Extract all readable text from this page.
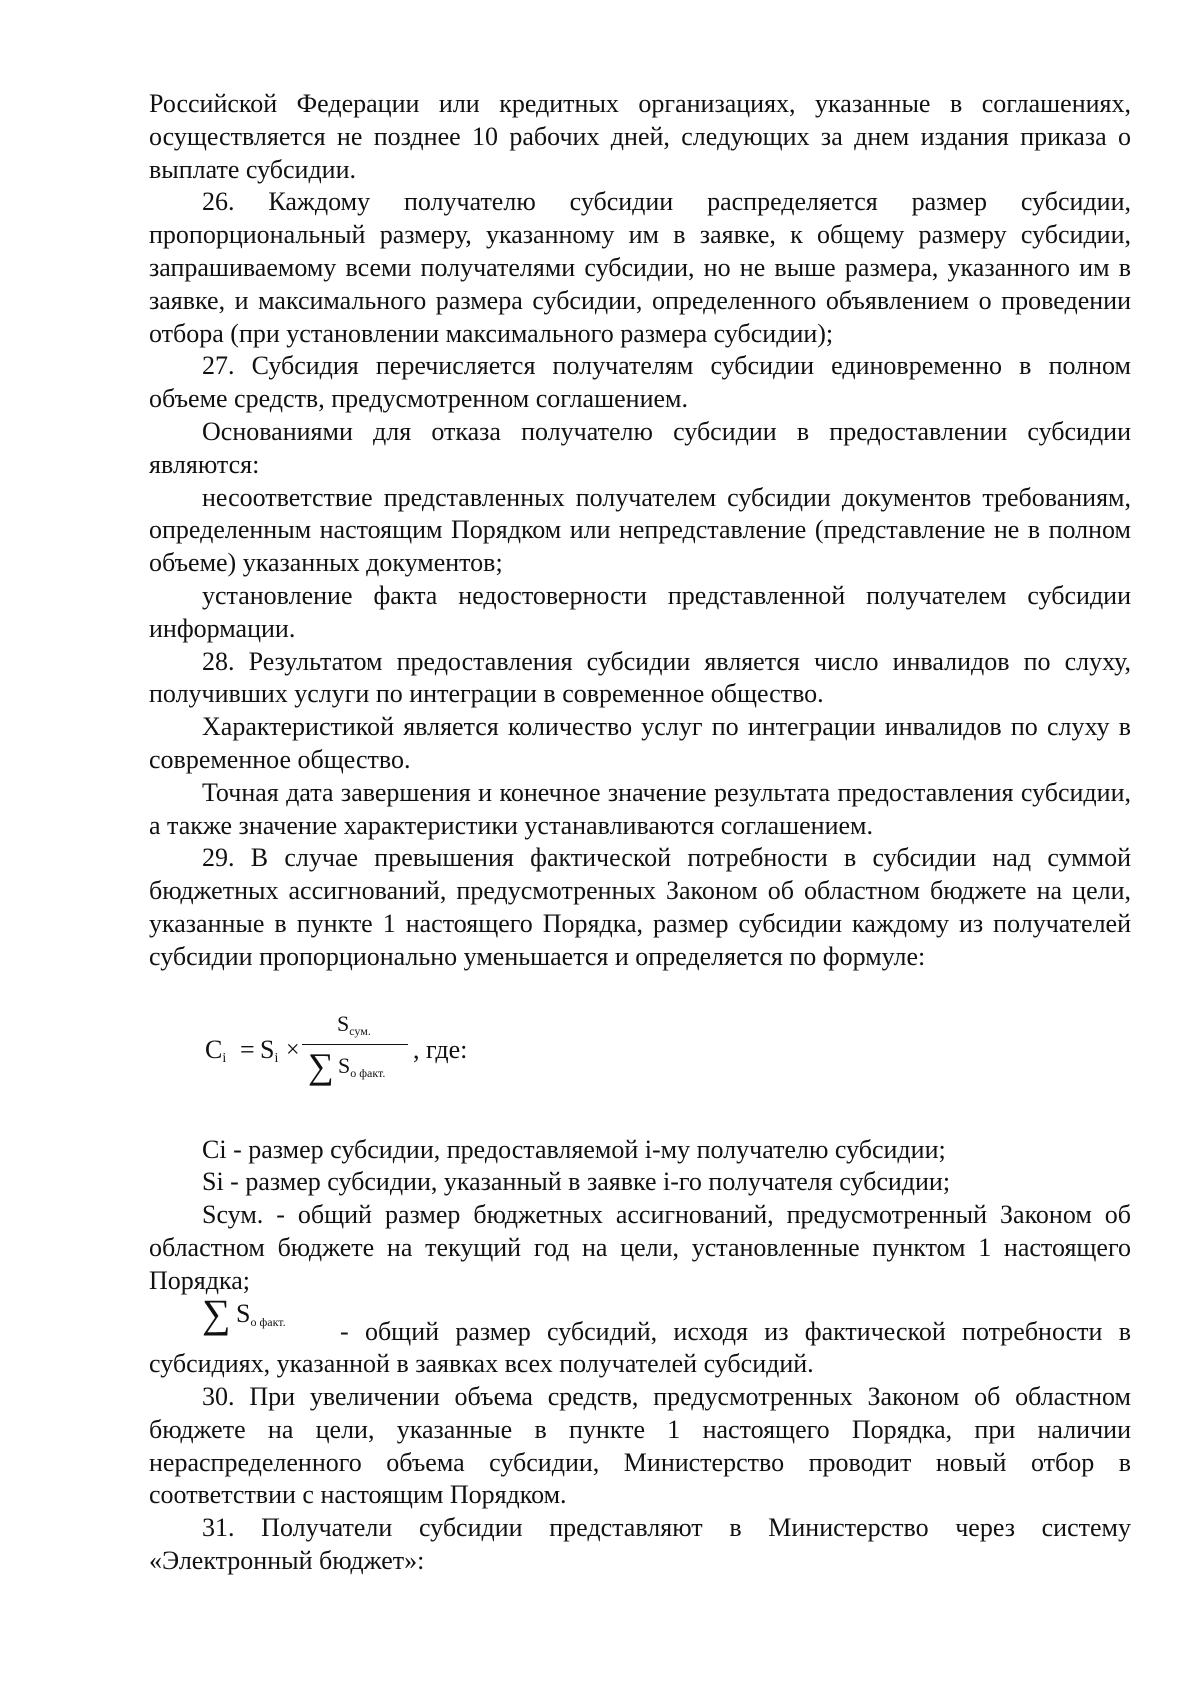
Российской Федерации или кредитных организациях, указанные в соглашениях, осуществляется не позднее 10 рабочих дней, следующих за днем издания приказа о выплате субсидии.

26. Каждому получателю субсидии распределяется размер субсидии, пропорциональный размеру, указанному им в заявке, к общему размеру субсидии, запрашиваемому всеми получателями субсидии, но не выше размера, указанного им в заявке, и максимального размера субсидии, определенного объявлением о проведении отбора (при установлении максимального размера субсидии);

27. Субсидия перечисляется получателям субсидии единовременно в полном объеме средств, предусмотренном соглашением.

Основаниями для отказа получателю субсидии в предоставлении субсидии являются:

несоответствие представленных получателем субсидии документов требованиям, определенным настоящим Порядком или непредставление (представление не в полном объеме) указанных документов;

установление факта недостоверности представленной получателем субсидии информации.

28. Результатом предоставления субсидии является число инвалидов по слуху, получивших услуги по интеграции в современное общество.

Характеристикой является количество услуг по интеграции инвалидов по слуху в современное общество.

Точная дата завершения и конечное значение результата предоставления субсидии, а также значение характеристики устанавливаются соглашением.

29. В случае превышения фактической потребности в субсидии над суммой бюджетных ассигнований, предусмотренных Законом об областном бюджете на цели, указанные в пункте 1 настоящего Порядка, размер субсидии каждому из получателей субсидии пропорционально уменьшается и определяется по формуле:

$C_i = S_i$ ×
$S_{сум.}$
∑ $S_{о факт.}$
, где:

Ci - размер субсидии, предоставляемой i-му получателю субсидии;

Si - размер субсидии, указанный в заявке i-го получателя субсидии;

Sсум. - общий размер бюджетных ассигнований, предусмотренный Законом об областном бюджете на текущий год на цели, установленные пунктом 1 настоящего Порядка;

∑ $S_{о факт.}$ - общий размер субсидий, исходя из фактической потребности в субсидиях, указанной в заявках всех получателей субсидий.

30. При увеличении объема средств, предусмотренных Законом об областном бюджете на цели, указанные в пункте 1 настоящего Порядка, при наличии нераспределенного объема субсидии, Министерство проводит новый отбор в соответствии с настоящим Порядком.

31. Получатели субсидии представляют в Министерство через систему «Электронный бюджет»:
